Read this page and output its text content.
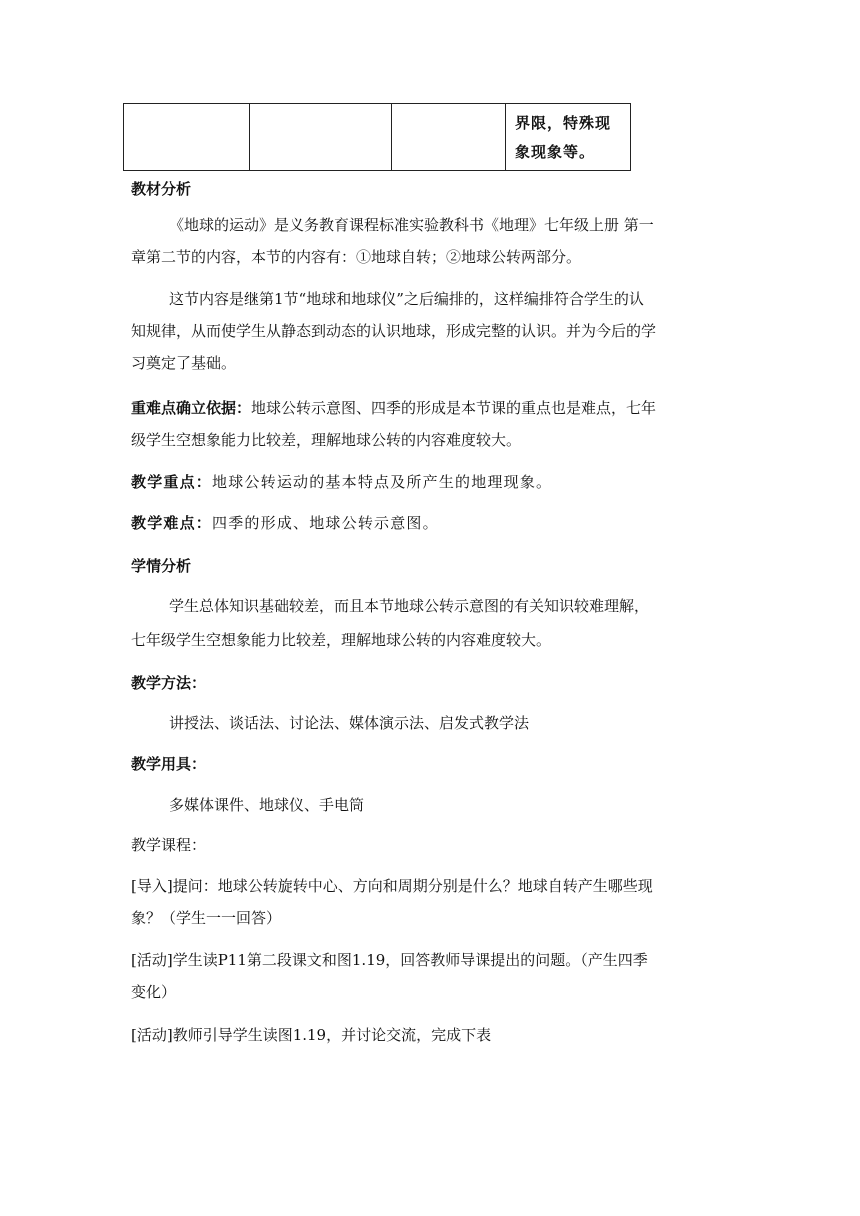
界限，特殊现
象现象等。
教材分析
《地球的运动》是义务教育课程标准实验教科书《地理》七年级上册 第一
章第二节的内容，本节的内容有：①地球自转；②地球公转两部分。
这节内容是继第1节“地球和地球仪”之后编排的，这样编排符合学生的认
知规律，从而使学生从静态到动态的认识地球，形成完整的认识。并为今后的学
习奠定了基础。
重难点确立依据：地球公转示意图、四季的形成是本节课的重点也是难点，七年
级学生空想象能力比较差，理解地球公转的内容难度较大。
教学重点：地球公转运动的基本特点及所产生的地理现象。
教学难点：四季的形成、地球公转示意图。
学情分析
学生总体知识基础较差，而且本节地球公转示意图的有关知识较难理解，
七年级学生空想象能力比较差，理解地球公转的内容难度较大。
教学方法：
讲授法、谈话法、讨论法、媒体演示法、启发式教学法
教学用具：
多媒体课件、地球仪、手电筒
教学课程：
[导入]提问：地球公转旋转中心、方向和周期分别是什么？地球自转产生哪些现
象？（学生一一回答）
[活动]学生读P11第二段课文和图1.19，回答教师导课提出的问题。（产生四季
变化）
[活动]教师引导学生读图1.19，并讨论交流，完成下表
